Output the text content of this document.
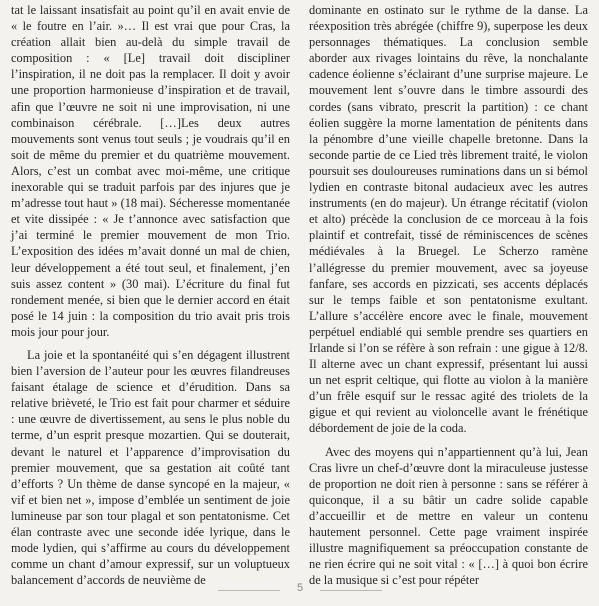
tat le laissant insatisfait au point qu’il en avait envie de « le foutre en l’air. »… Il est vrai que pour Cras, la création allait bien au-delà du simple travail de composition : « [Le] travail doit discipliner l’inspiration, il ne doit pas la remplacer. Il doit y avoir une proportion harmonieuse d’inspiration et de travail, afin que l’œuvre ne soit ni une improvisation, ni une combinaison cérébrale. […]Les deux autres mouvements sont venus tout seuls ; je voudrais qu’il en soit de même du premier et du quatrième mouvement. Alors, c’est un combat avec moi-même, une critique inexorable qui se traduit parfois par des injures que je m’adresse tout haut » (18 mai). Sécheresse momentanée et vite dissipée : « Je t’annonce avec satisfaction que j’ai terminé le premier mouvement de mon Trio. L’exposition des idées m’avait donné un mal de chien, leur développement a été tout seul, et finalement, j’en suis assez content » (30 mai). L’écriture du final fut rondement menée, si bien que le dernier accord en était posé le 14 juin : la composition du trio avait pris trois mois jour pour jour.

La joie et la spontanéité qui s’en dégagent illustrent bien l’aversion de l’auteur pour les œuvres filandreuses faisant étalage de science et d’érudition. Dans sa relative brièveté, le Trio est fait pour charmer et séduire : une œuvre de divertissement, au sens le plus noble du terme, d’un esprit presque mozartien. Qui se douterait, devant le naturel et l’apparence d’improvisation du premier mouvement, que sa gestation ait coûté tant d’efforts ? Un thème de danse syncopé en la majeur, « vif et bien net », impose d’emblée un sentiment de joie lumineuse par son tour plagal et son pentatonisme. Cet élan contraste avec une seconde idée lyrique, dans le mode lydien, qui s’affirme au cours du développement comme un chant d’amour expressif, sur un voluptueux balancement d’accords de neuvième de

dominante en ostinato sur le rythme de la danse. La réexposition très abrégée (chiffre 9), superpose les deux personnages thématiques. La conclusion semble aborder aux rivages lointains du rêve, la nonchalante cadence éolienne s’éclairant d’une surprise majeure. Le mouvement lent s’ouvre dans le timbre assourdi des cordes (sans vibrato, prescrit la partition) : ce chant éolien suggère la morne lamentation de pénitents dans la pénombre d’une vieille chapelle bretonne. Dans la seconde partie de ce Lied très librement traité, le violon poursuit ses douloureuses ruminations dans un si bémol lydien en contraste bitonal audacieux avec les autres instruments (en do majeur). Un étrange récitatif (violon et alto) précède la conclusion de ce morceau à la fois plaintif et contrefait, tissé de réminiscences de scènes médiévales à la Bruegel. Le Scherzo ramène l’allégresse du premier mouvement, avec sa joyeuse fanfare, ses accords en pizzicati, ses accents déplacés sur le temps faible et son pentatonisme exultant. L’allure s’accélère encore avec le finale, mouvement perpétuel endiablé qui semble prendre ses quartiers en Irlande si l’on se réfère à son refrain : une gigue à 12/8. Il alterne avec un chant expressif, présentant lui aussi un net esprit celtique, qui flotte au violon à la manière d’un frêle esquif sur le ressac agité des triolets de la gigue et qui revient au violoncelle avant le frénétique débordement de joie de la coda.

Avec des moyens qui n’appartiennent qu’à lui, Jean Cras livre un chef-d’œuvre dont la miraculeuse justesse de proportion ne doit rien à personne : sans se référer à quiconque, il a su bâtir un cadre solide capable d’accueillir et de mettre en valeur un contenu hautement personnel. Cette page vraiment inspirée illustre magnifiquement sa préoccupation constante de ne rien écrire qui ne soit vital : « […] à quoi bon écrire de la musique si c’est pour répéter

5
